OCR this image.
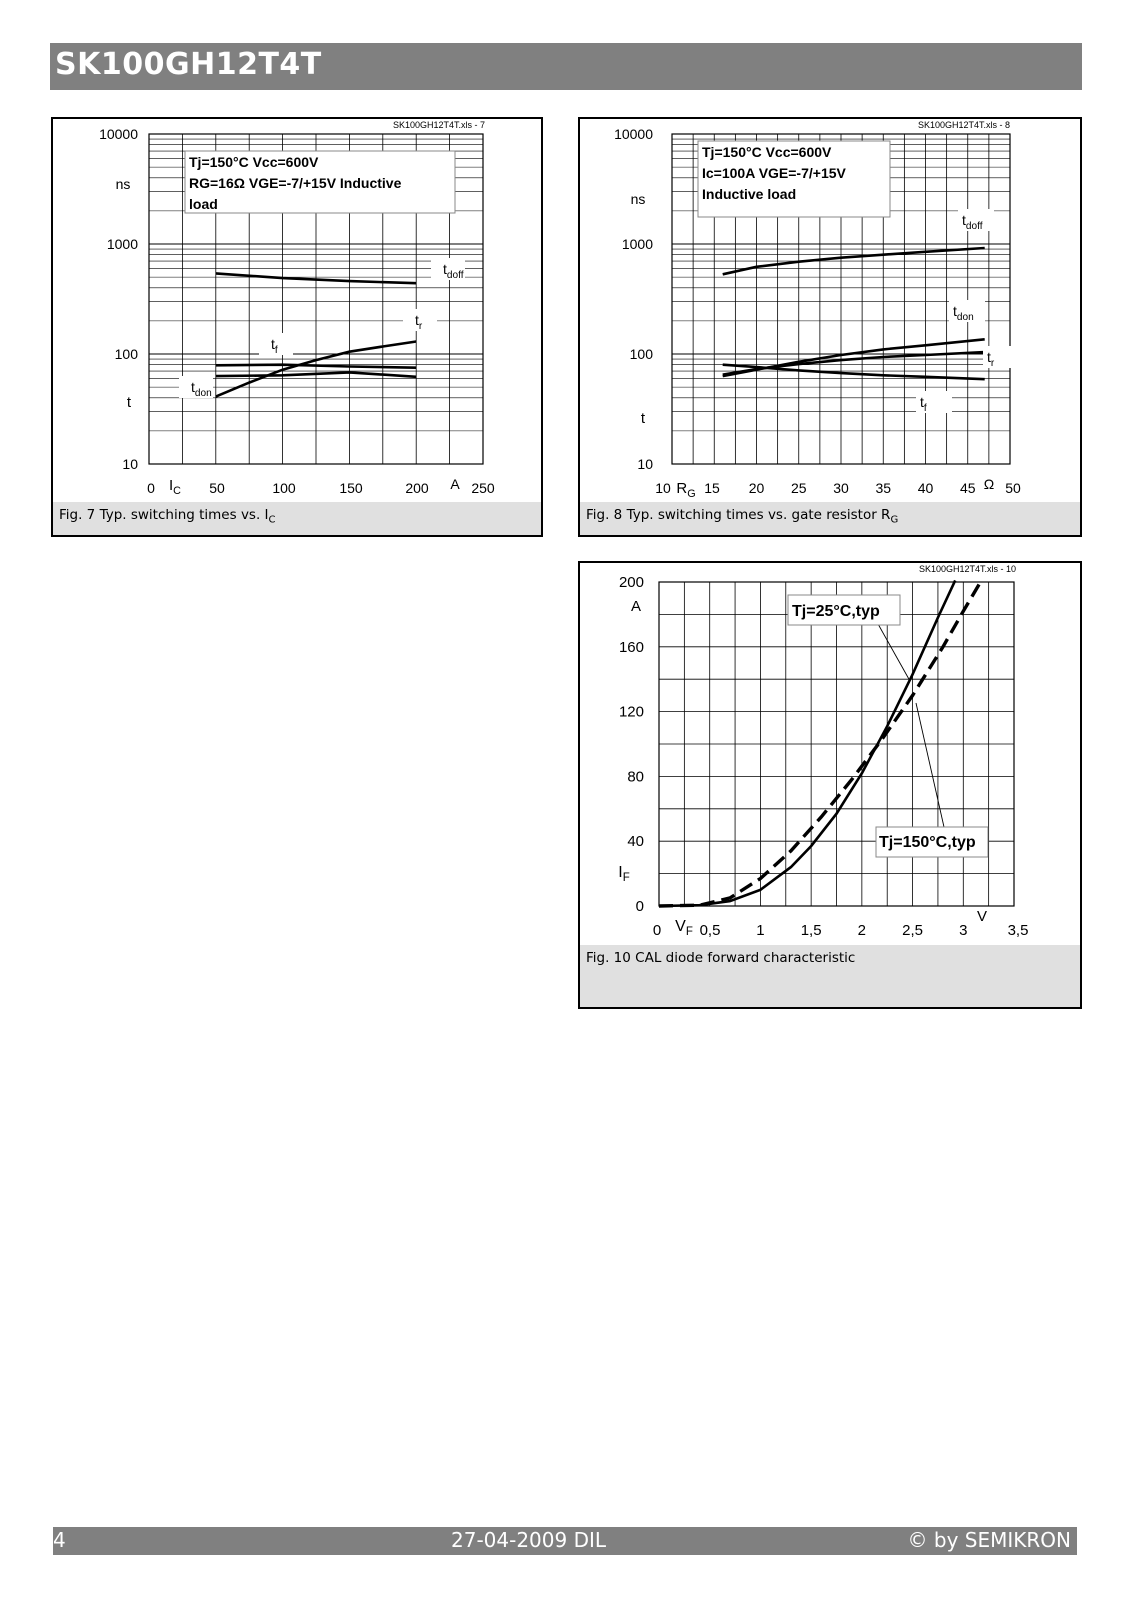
SK100GH12T4T
SK100GH12T4T.xls - 7
10
100
1000
10000
ns
t
0	50	100	150	200	250
$I_C$	A
Tj=150°C Vcc=600V
RG=16Ω VGE=-7/+15V Inductive
load
$t_{doff}$
$t_r$
$t_f$
$t_{don}$
Fig. 7 Typ. switching times vs. $I_C$
SK100GH12T4T.xls - 8
10
100
1000
10000
ns
t
10 15 20 25 30 35 40 45 50
$R_G$
Ω
Tj=150°C Vcc=600V
Ic=100A VGE=-7/+15V
Inductive load
$t_{doff}$
$t_{don}$
$t_r$
$t_f$
Fig. 8 Typ. switching times vs. gate resistor $R_G$
SK100GH12T4T.xls - 10
0
40
80
120
160
200
A
$I_F$
0	0,5 1 1,5 2 2,5 3	3,5
$V_F$
V
Tj=25°C,typ
Tj=150°C,typ
Fig. 10 CAL diode forward characteristic
4	27-04-2009 DIL	© by SEMIKRON
